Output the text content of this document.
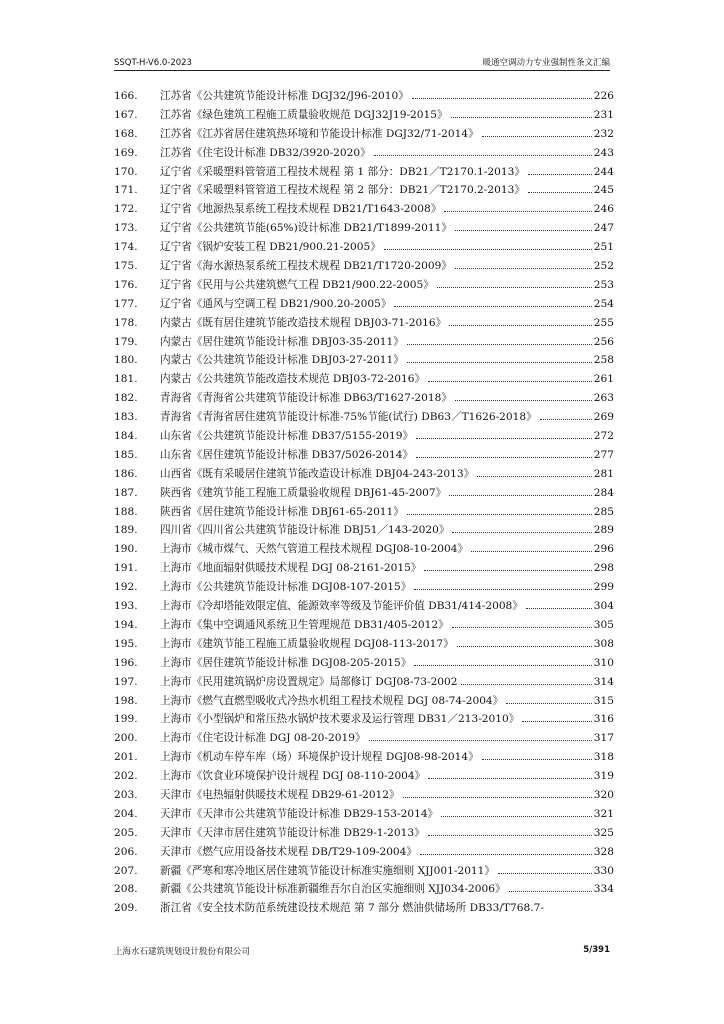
SSQT-H-V6.0-2023	暖通空调动力专业强制性条文汇编
166.	江苏省《公共建筑节能设计标准 DGJ32/J96-2010》	226
167.	江苏省《绿色建筑工程施工质量验收规范 DGJ32J19-2015》	231
168.	江苏省《江苏省居住建筑热环境和节能设计标准 DGJ32/71-2014》	232
169.	江苏省《住宅设计标准 DB32/3920-2020》	243
170.	辽宁省《采暖塑料管管道工程技术规程 第 1 部分：DB21／T2170.1-2013》	244
171.	辽宁省《采暖塑料管管道工程技术规程 第 2 部分：DB21／T2170.2-2013》	245
172.	辽宁省《地源热泵系统工程技术规程 DB21/T1643-2008》	246
173.	辽宁省《公共建筑节能(65%)设计标准 DB21/T1899-2011》	247
174.	辽宁省《锅炉安装工程 DB21/900.21-2005》	251
175.	辽宁省《海水源热泵系统工程技术规程 DB21/T1720-2009》	252
176.	辽宁省《民用与公共建筑燃气工程 DB21/900.22-2005》	253
177.	辽宁省《通风与空调工程 DB21/900.20-2005》	254
178.	内蒙古《既有居住建筑节能改造技术规程 DBJ03-71-2016》	255
179.	内蒙古《居住建筑节能设计标准 DBJ03-35-2011》	256
180.	内蒙古《公共建筑节能设计标准 DBJ03-27-2011》	258
181.	内蒙古《公共建筑节能改造技术规范 DBJ03-72-2016》	261
182.	青海省《青海省公共建筑节能设计标准 DB63/T1627-2018》	263
183.	青海省《青海省居住建筑节能设计标准-75%节能(试行) DB63／T1626-2018》	269
184.	山东省《公共建筑节能设计标准 DB37/5155-2019》	272
185.	山东省《居住建筑节能设计标准 DB37/5026-2014》	277
186.	山西省《既有采暖居住建筑节能改造设计标准 DBJ04-243-2013》	281
187.	陕西省《建筑节能工程施工质量验收规程 DBJ61-45-2007》	284
188.	陕西省《居住建筑节能设计标准 DBJ61-65-2011》	285
189.	四川省《四川省公共建筑节能设计标准 DBJ51／143-2020》	289
190.	上海市《城市煤气、天然气管道工程技术规程 DGJ08-10-2004》	296
191.	上海市《地面辐射供暖技术规程 DGJ 08-2161-2015》	298
192.	上海市《公共建筑节能设计标准 DGJ08-107-2015》	299
193.	上海市《冷却塔能效限定值、能源效率等级及节能评价值 DB31/414-2008》	304
194.	上海市《集中空调通风系统卫生管理规范 DB31/405-2012》	305
195.	上海市《建筑节能工程施工质量验收规程 DGJ08-113-2017》	308
196.	上海市《居住建筑节能设计标准 DGJ08-205-2015》	310
197.	上海市《民用建筑锅炉房设置规定》局部修订 DGJ08-73-2002	314
198.	上海市《燃气直燃型吸收式冷热水机组工程技术规程 DGJ 08-74-2004》	315
199.	上海市《小型锅炉和常压热水锅炉技术要求及运行管理 DB31／213-2010》	316
200.	上海市《住宅设计标准 DGJ 08-20-2019》	317
201.	上海市《机动车停车库（场）环境保护设计规程 DGJ08-98-2014》	318
202.	上海市《饮食业环境保护设计规程 DGJ 08-110-2004》	319
203.	天津市《电热辐射供暖技术规程 DB29-61-2012》	320
204.	天津市《天津市公共建筑节能设计标准 DB29-153-2014》	321
205.	天津市《天津市居住建筑节能设计标准 DB29-1-2013》	325
206.	天津市《燃气应用设备技术规程 DB/T29-109-2004》	328
207.	新疆《严寒和寒冷地区居住建筑节能设计标准实施细则 XJJ001-2011》	330
208.	新疆《公共建筑节能设计标准新疆维吾尔自治区实施细则 XJJ034-2006》	334
209.	浙江省《安全技术防范系统建设技术规范 第 7 部分 燃油供储场所 DB33/T768.7-
上海水石建筑规划设计股份有限公司	5/391
